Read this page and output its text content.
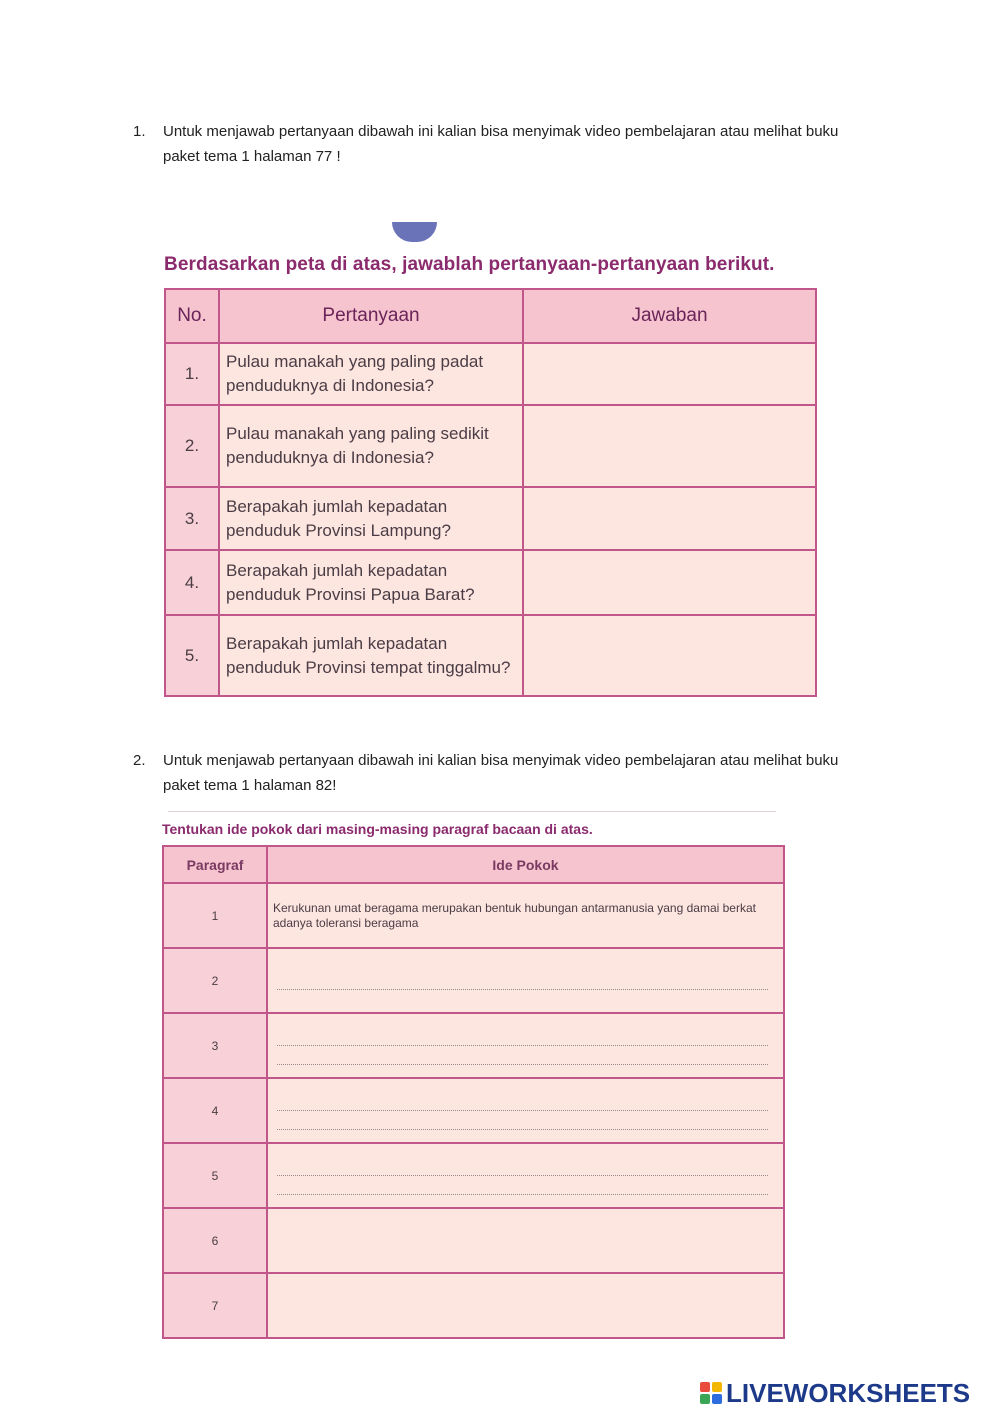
1. Untuk menjawab pertanyaan dibawah ini kalian bisa menyimak video pembelajaran atau melihat buku paket tema 1 halaman 77 !
Berdasarkan peta di atas, jawablah pertanyaan-pertanyaan berikut.
No.	Pertanyaan	Jawaban
1.	Pulau manakah yang paling padat penduduknya di Indonesia?	
2.	Pulau manakah yang paling sedikit penduduknya di Indonesia?	
3.	Berapakah jumlah kepadatan penduduk Provinsi Lampung?	
4.	Berapakah jumlah kepadatan penduduk Provinsi Papua Barat?	
5.	Berapakah jumlah kepadatan penduduk Provinsi tempat tinggalmu?	
2. Untuk menjawab pertanyaan dibawah ini kalian bisa menyimak video pembelajaran atau melihat buku paket tema 1 halaman 82!
Tentukan ide pokok dari masing-masing paragraf bacaan di atas.
Paragraf	Ide Pokok
1	Kerukunan umat beragama merupakan bentuk hubungan antarmanusia yang damai berkat adanya toleransi beragama
2	

3	

4	

5	

6	
7	
LIVEWORKSHEETS
